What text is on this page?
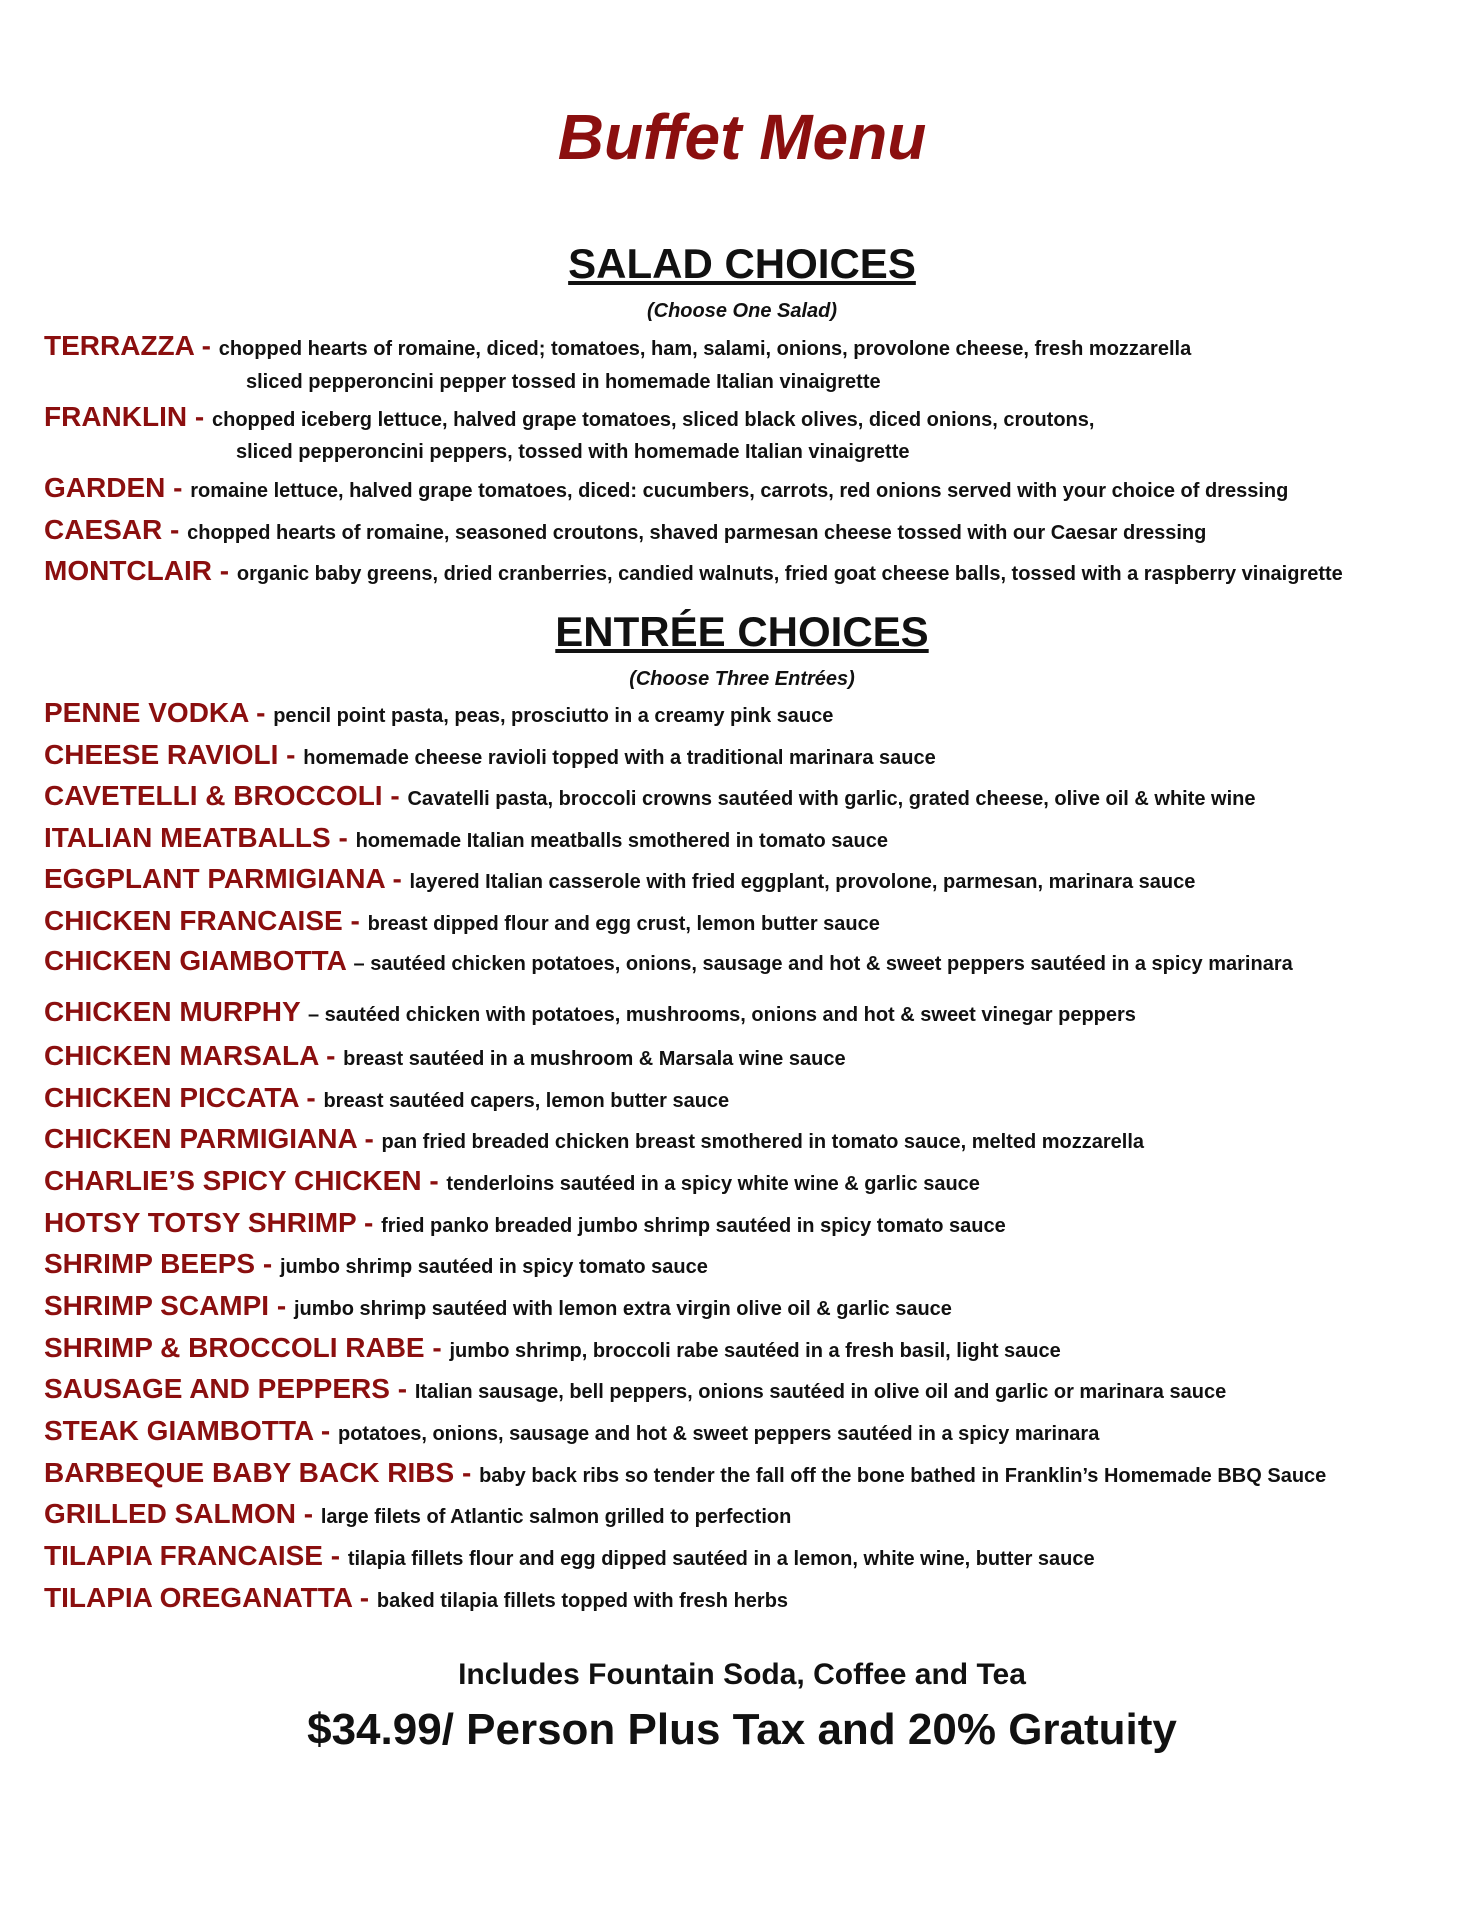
Buffet Menu
SALAD CHOICES
(Choose One Salad)
TERRAZZA - chopped hearts of romaine, diced; tomatoes, ham, salami, onions, provolone cheese, fresh mozzarella
sliced pepperoncini pepper tossed in homemade Italian vinaigrette
FRANKLIN - chopped iceberg lettuce, halved grape tomatoes, sliced black olives, diced onions, croutons,
sliced pepperoncini peppers, tossed with homemade Italian vinaigrette
GARDEN - romaine lettuce, halved grape tomatoes, diced: cucumbers, carrots, red onions served with your choice of dressing
CAESAR - chopped hearts of romaine, seasoned croutons, shaved parmesan cheese tossed with our Caesar dressing
MONTCLAIR - organic baby greens, dried cranberries, candied walnuts, fried goat cheese balls, tossed with a raspberry vinaigrette
ENTRÉE CHOICES
(Choose Three Entrées)
PENNE VODKA - pencil point pasta, peas, prosciutto in a creamy pink sauce
CHEESE RAVIOLI - homemade cheese ravioli topped with a traditional marinara sauce
CAVETELLI & BROCCOLI - Cavatelli pasta, broccoli crowns sautéed with garlic, grated cheese, olive oil & white wine
ITALIAN MEATBALLS - homemade Italian meatballs smothered in tomato sauce
EGGPLANT PARMIGIANA - layered Italian casserole with fried eggplant, provolone, parmesan, marinara sauce
CHICKEN FRANCAISE - breast dipped flour and egg crust, lemon butter sauce
CHICKEN GIAMBOTTA – sautéed chicken potatoes, onions, sausage and hot & sweet peppers sautéed in a spicy marinara
CHICKEN MURPHY – sautéed chicken with potatoes, mushrooms, onions and hot & sweet vinegar peppers
CHICKEN MARSALA - breast sautéed in a mushroom & Marsala wine sauce
CHICKEN PICCATA - breast sautéed capers, lemon butter sauce
CHICKEN PARMIGIANA - pan fried breaded chicken breast smothered in tomato sauce, melted mozzarella
CHARLIE’S SPICY CHICKEN - tenderloins sautéed in a spicy white wine & garlic sauce
HOTSY TOTSY SHRIMP - fried panko breaded jumbo shrimp sautéed in spicy tomato sauce
SHRIMP BEEPS - jumbo shrimp sautéed in spicy tomato sauce
SHRIMP SCAMPI - jumbo shrimp sautéed with lemon extra virgin olive oil & garlic sauce
SHRIMP & BROCCOLI RABE - jumbo shrimp, broccoli rabe sautéed in a fresh basil, light sauce
SAUSAGE AND PEPPERS - Italian sausage, bell peppers, onions sautéed in olive oil and garlic or marinara sauce
STEAK GIAMBOTTA - potatoes, onions, sausage and hot & sweet peppers sautéed in a spicy marinara
BARBEQUE BABY BACK RIBS - baby back ribs so tender the fall off the bone bathed in Franklin’s Homemade BBQ Sauce
GRILLED SALMON - large filets of Atlantic salmon grilled to perfection
TILAPIA FRANCAISE - tilapia fillets flour and egg dipped sautéed in a lemon, white wine, butter sauce
TILAPIA OREGANATTA - baked tilapia fillets topped with fresh herbs
Includes Fountain Soda, Coffee and Tea
$34.99/ Person Plus Tax and 20% Gratuity
